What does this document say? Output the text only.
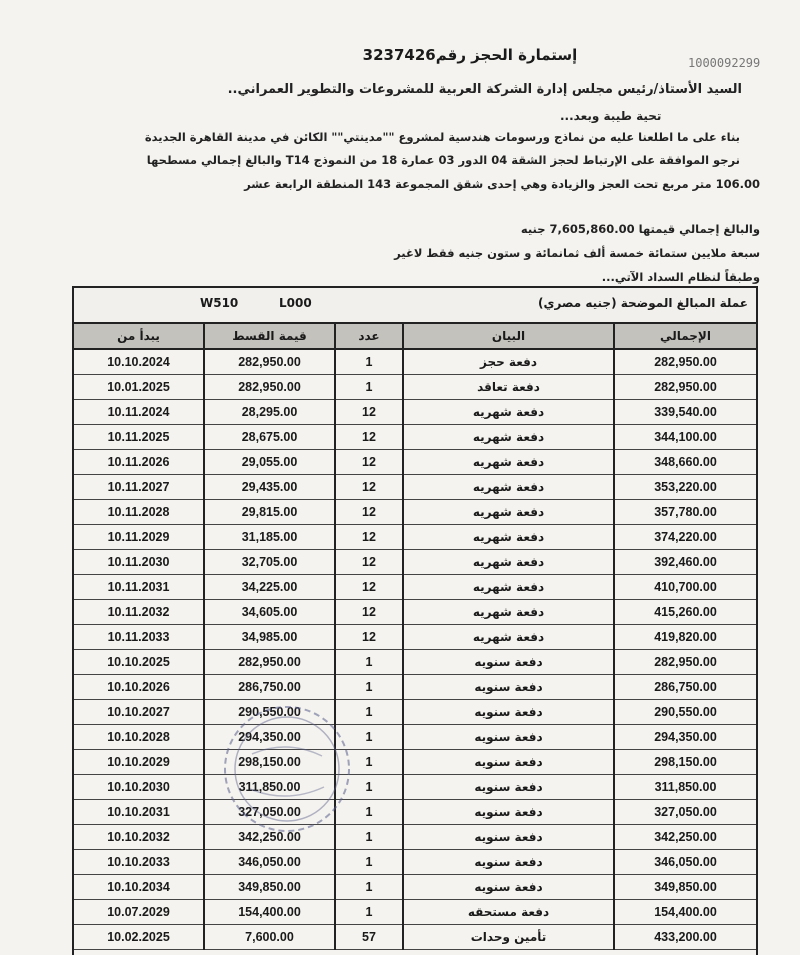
1000092299
إستمارة الحجز رقم3237426
السيد الأستاذ/رئيس مجلس إدارة الشركة العربية للمشروعات والتطوير العمراني..
تحية طيبة وبعد...
بناء على ما اطلعنا عليه من نماذج ورسومات هندسية لمشروع ""مدينتي"" الكائن في مدينة القاهرة الجديدة
نرجو الموافقة على الإرتباط لحجز الشقة 04 الدور 03 عمارة 18 من النموذج T14 والبالغ إجمالي مسطحها
106.00 متر مربع تحت العجز والزيادة وهي إحدى شقق المجموعة 143 المنطقة الرابعة عشر
والبالغ إجمالي قيمتها 7,605,860.00 جنيه
سبعة ملايين ستمائة خمسة ألف ثمانمائة و ستون جنيه فقط لاغير
وطبقاً لنظام السداد الآتي...
W510	L000	عملة المبالغ الموضحة (جنيه مصري)
يبدأ من	قيمة القسط	عدد	البيان	الإجمالي
10.10.2024	282,950.00	1	دفعة حجز	282,950.00
10.01.2025	282,950.00	1	دفعة تعاقد	282,950.00
10.11.2024	28,295.00	12	دفعة شهريه	339,540.00
10.11.2025	28,675.00	12	دفعة شهريه	344,100.00
10.11.2026	29,055.00	12	دفعة شهريه	348,660.00
10.11.2027	29,435.00	12	دفعة شهريه	353,220.00
10.11.2028	29,815.00	12	دفعة شهريه	357,780.00
10.11.2029	31,185.00	12	دفعة شهريه	374,220.00
10.11.2030	32,705.00	12	دفعة شهريه	392,460.00
10.11.2031	34,225.00	12	دفعة شهريه	410,700.00
10.11.2032	34,605.00	12	دفعة شهريه	415,260.00
10.11.2033	34,985.00	12	دفعة شهريه	419,820.00
10.10.2025	282,950.00	1	دفعة سنويه	282,950.00
10.10.2026	286,750.00	1	دفعة سنويه	286,750.00
10.10.2027	290,550.00	1	دفعة سنويه	290,550.00
10.10.2028	294,350.00	1	دفعة سنويه	294,350.00
10.10.2029	298,150.00	1	دفعة سنويه	298,150.00
10.10.2030	311,850.00	1	دفعة سنويه	311,850.00
10.10.2031	327,050.00	1	دفعة سنويه	327,050.00
10.10.2032	342,250.00	1	دفعة سنويه	342,250.00
10.10.2033	346,050.00	1	دفعة سنويه	346,050.00
10.10.2034	349,850.00	1	دفعة سنويه	349,850.00
10.07.2029	154,400.00	1	دفعة مستحقه	154,400.00
10.02.2025	7,600.00	57	تأمين وحدات	433,200.00
